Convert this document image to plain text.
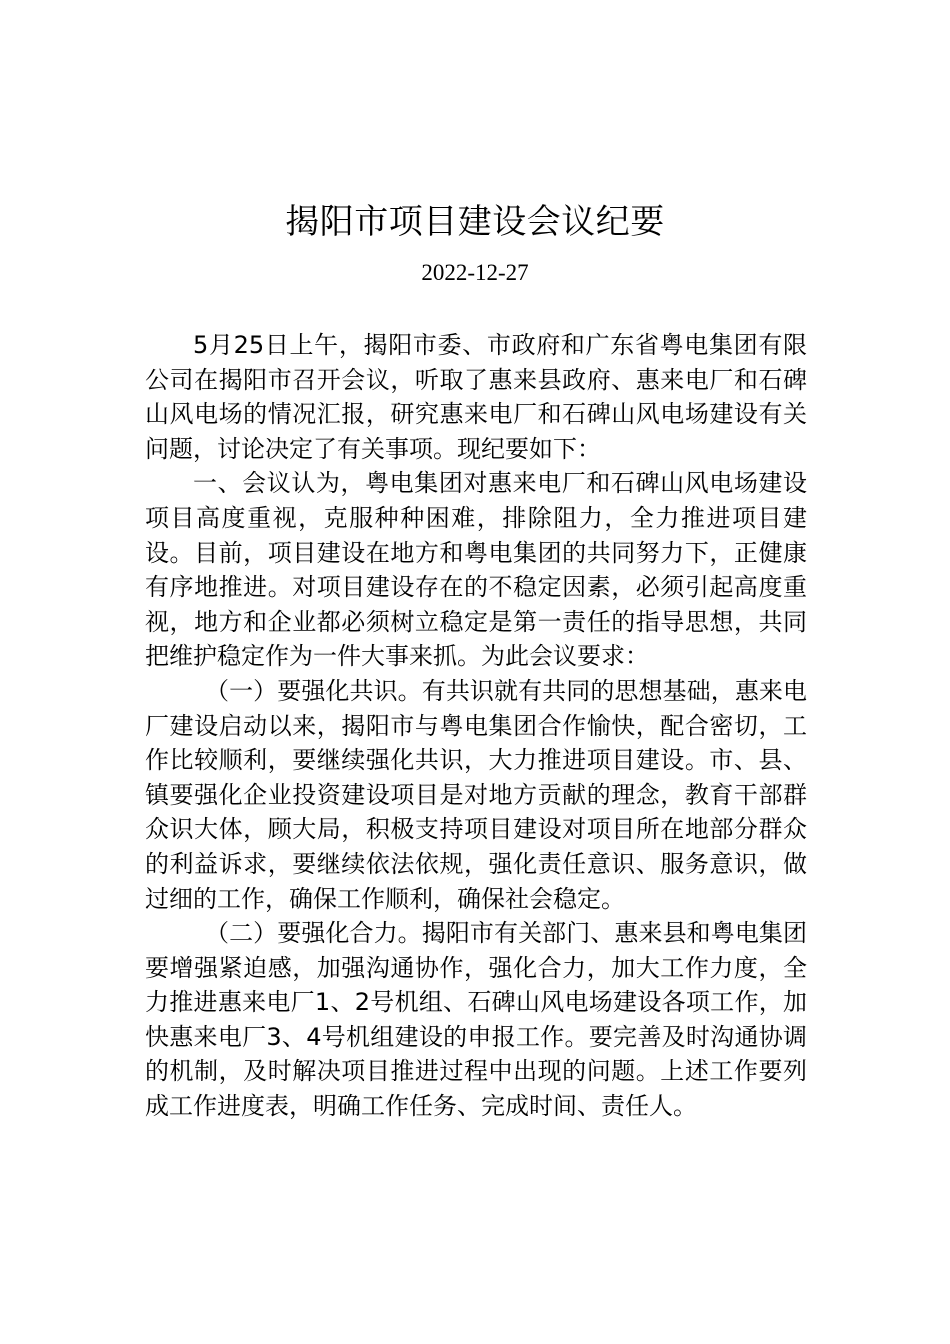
揭阳市项目建设会议纪要
2022-12-27

5月25日上午，揭阳市委、市政府和广东省粤电集团有限公司在揭阳市召开会议，听取了惠来县政府、惠来电厂和石碑山风电场的情况汇报，研究惠来电厂和石碑山风电场建设有关问题，讨论决定了有关事项。现纪要如下：

一、会议认为，粤电集团对惠来电厂和石碑山风电场建设项目高度重视，克服种种困难，排除阻力，全力推进项目建设。目前，项目建设在地方和粤电集团的共同努力下，正健康有序地推进。对项目建设存在的不稳定因素，必须引起高度重视，地方和企业都必须树立稳定是第一责任的指导思想，共同把维护稳定作为一件大事来抓。为此会议要求：

（一）要强化共识。有共识就有共同的思想基础，惠来电厂建设启动以来，揭阳市与粤电集团合作愉快，配合密切，工作比较顺利，要继续强化共识，大力推进项目建设。市、县、镇要强化企业投资建设项目是对地方贡献的理念，教育干部群众识大体，顾大局，积极支持项目建设对项目所在地部分群众的利益诉求，要继续依法依规，强化责任意识、服务意识，做过细的工作，确保工作顺利，确保社会稳定。

（二）要强化合力。揭阳市有关部门、惠来县和粤电集团要增强紧迫感，加强沟通协作，强化合力，加大工作力度，全力推进惠来电厂1、2号机组、石碑山风电场建设各项工作，加快惠来电厂3、4号机组建设的申报工作。要完善及时沟通协调的机制，及时解决项目推进过程中出现的问题。上述工作要列成工作进度表，明确工作任务、完成时间、责任人。
